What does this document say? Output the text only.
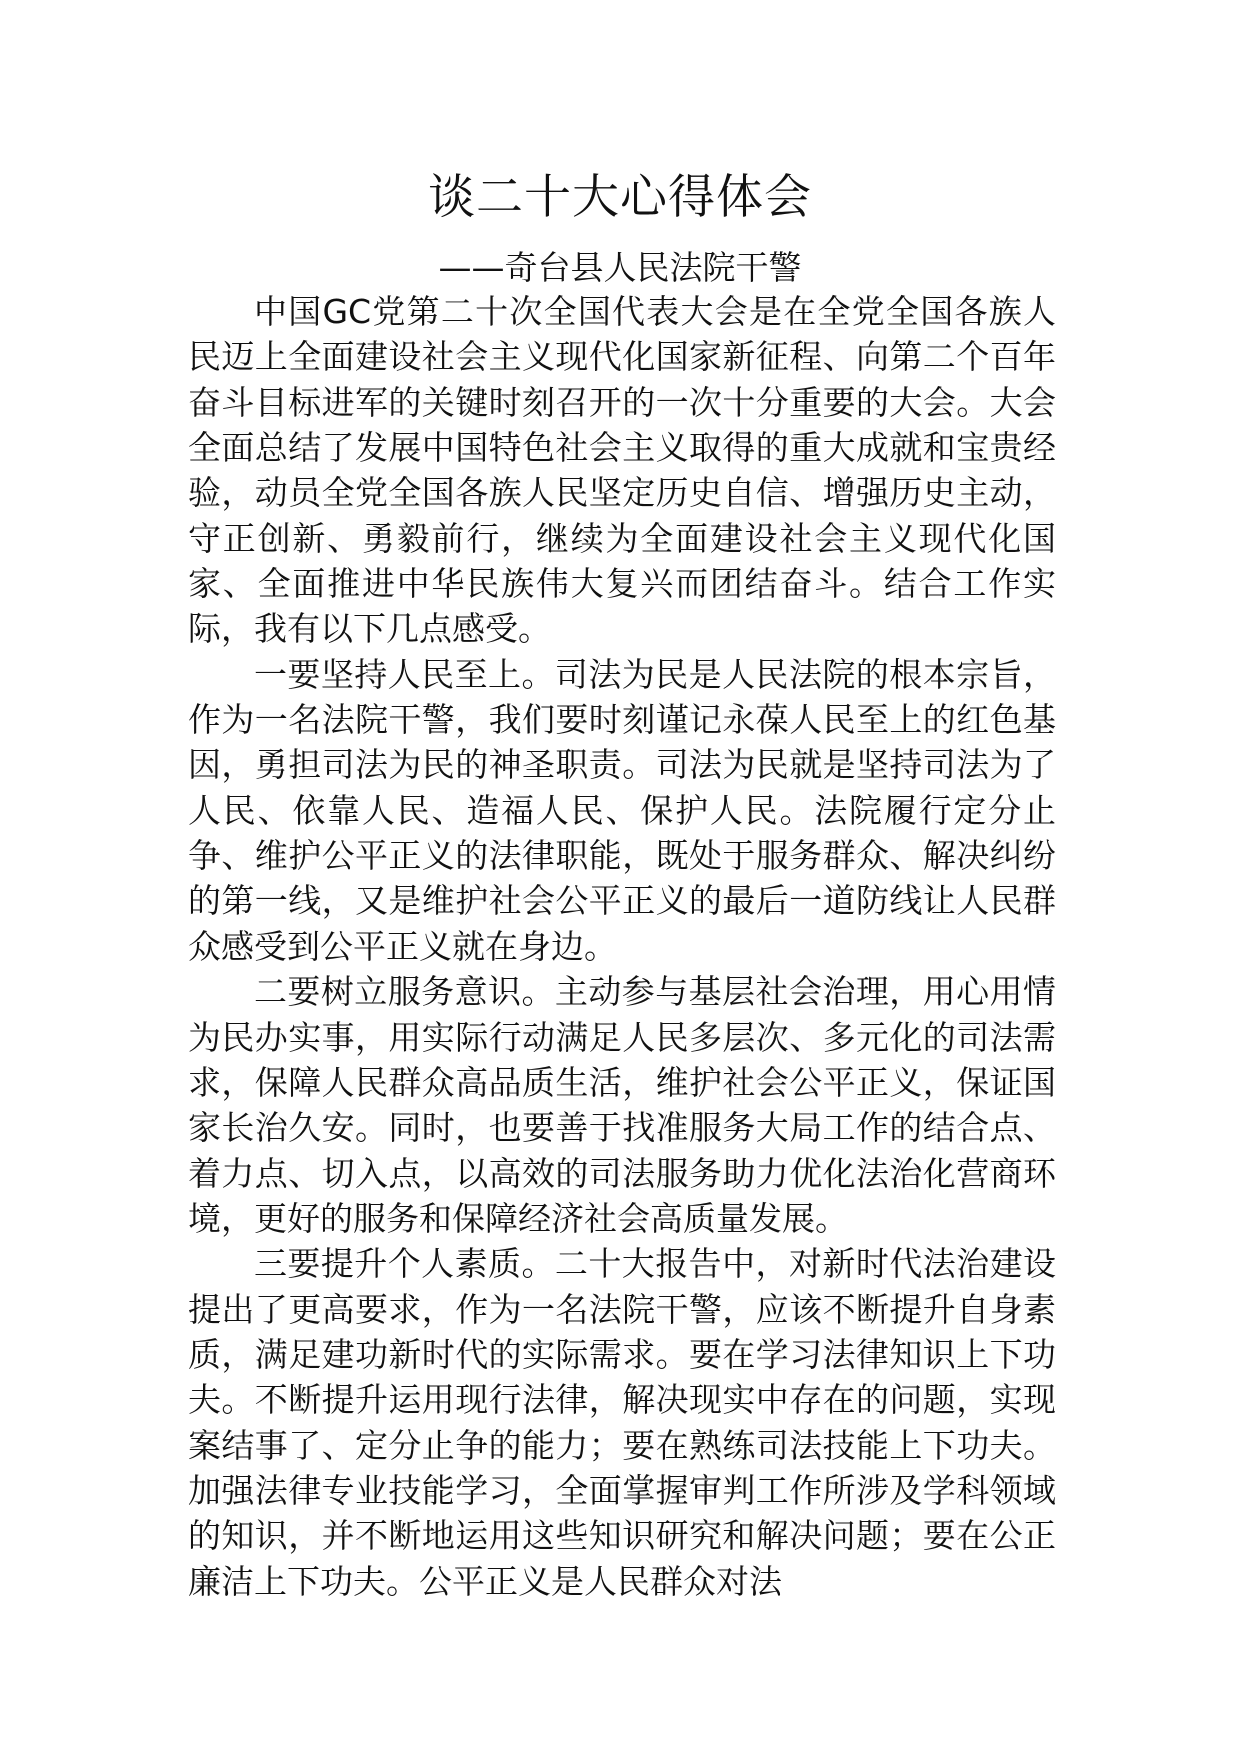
谈二十大心得体会
——奇台县人民法院干警

中国GC党第二十次全国代表大会是在全党全国各族人民迈上全面建设社会主义现代化国家新征程、向第二个百年奋斗目标进军的关键时刻召开的一次十分重要的大会。大会全面总结了发展中国特色社会主义取得的重大成就和宝贵经验，动员全党全国各族人民坚定历史自信、增强历史主动，守正创新、勇毅前行，继续为全面建设社会主义现代化国家、全面推进中华民族伟大复兴而团结奋斗。结合工作实际，我有以下几点感受。

一要坚持人民至上。司法为民是人民法院的根本宗旨，作为一名法院干警，我们要时刻谨记永葆人民至上的红色基因，勇担司法为民的神圣职责。司法为民就是坚持司法为了人民、依靠人民、造福人民、保护人民。法院履行定分止争、维护公平正义的法律职能，既处于服务群众、解决纠纷的第一线，又是维护社会公平正义的最后一道防线让人民群众感受到公平正义就在身边。

二要树立服务意识。主动参与基层社会治理，用心用情为民办实事，用实际行动满足人民多层次、多元化的司法需求，保障人民群众高品质生活，维护社会公平正义，保证国家长治久安。同时，也要善于找准服务大局工作的结合点、着力点、切入点，以高效的司法服务助力优化法治化营商环境，更好的服务和保障经济社会高质量发展。

三要提升个人素质。二十大报告中，对新时代法治建设提出了更高要求，作为一名法院干警，应该不断提升自身素质，满足建功新时代的实际需求。要在学习法律知识上下功夫。不断提升运用现行法律，解决现实中存在的问题，实现案结事了、定分止争的能力；要在熟练司法技能上下功夫。加强法律专业技能学习，全面掌握审判工作所涉及学科领域的知识，并不断地运用这些知识研究和解决问题；要在公正廉洁上下功夫。公平正义是人民群众对法
